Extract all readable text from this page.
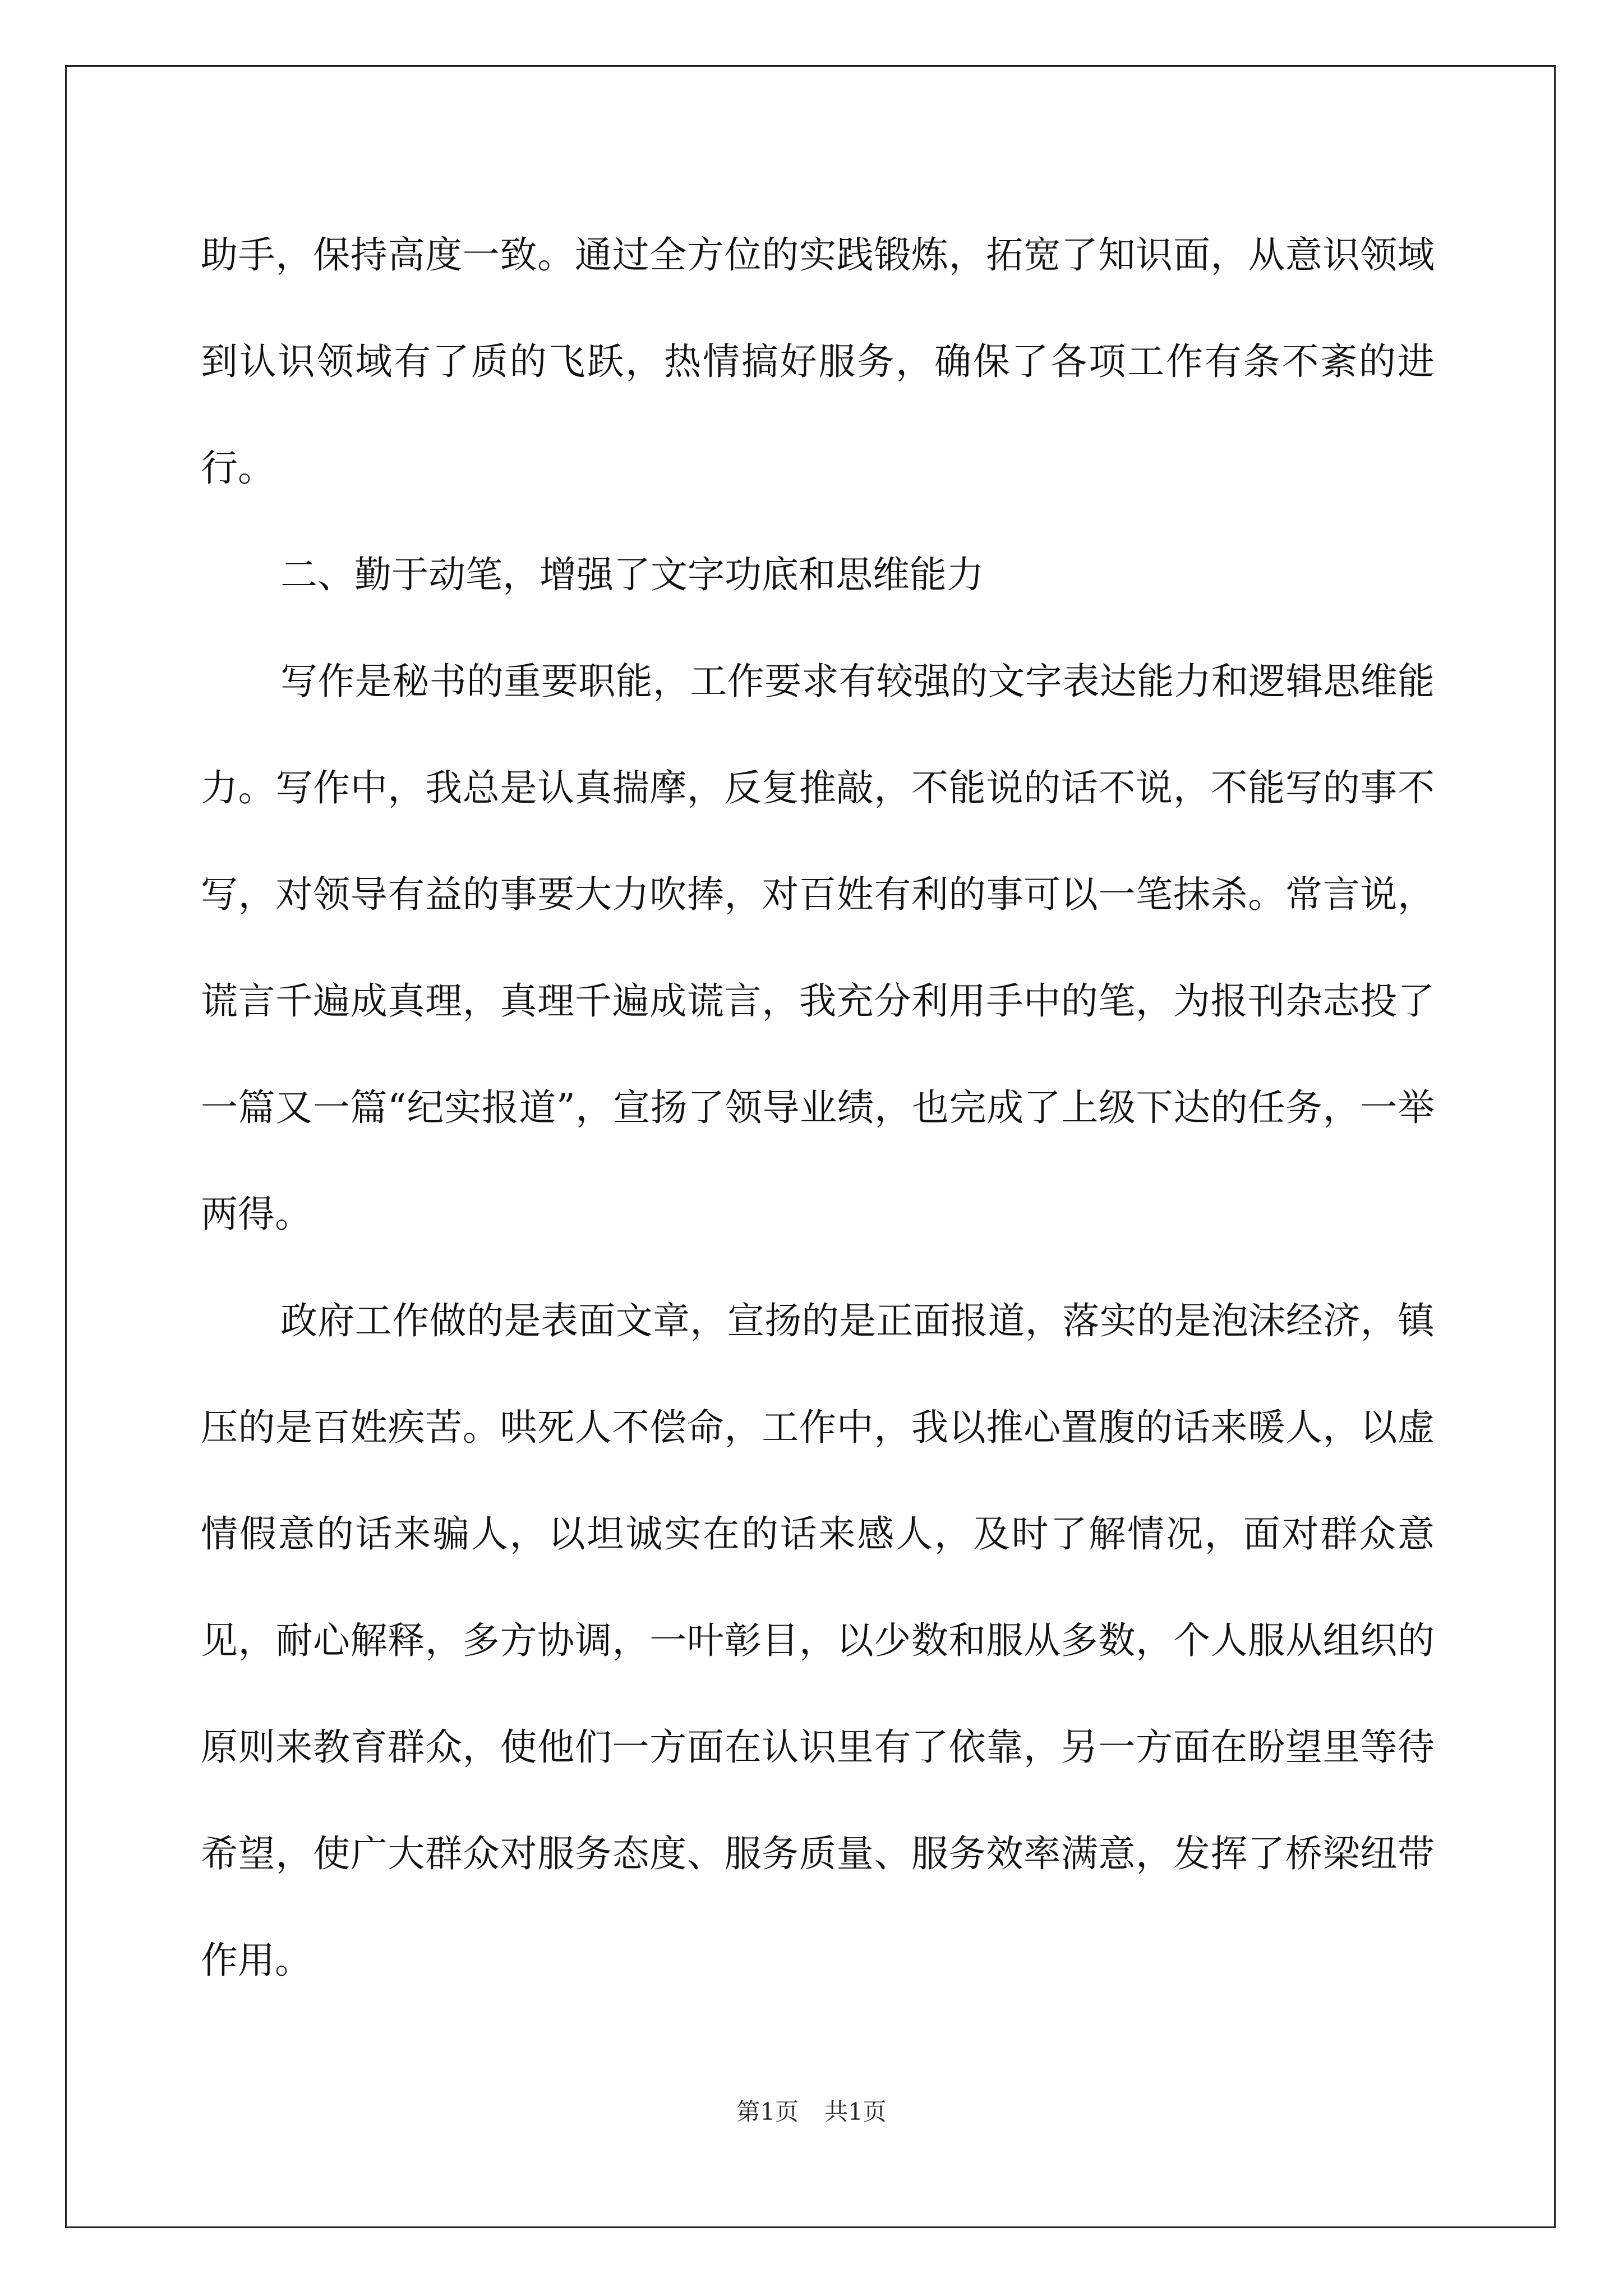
助手，保持高度一致。通过全方位的实践锻炼，拓宽了知识面，从意识领域到认识领域有了质的飞跃，热情搞好服务，确保了各项工作有条不紊的进行。

二、勤于动笔，增强了文字功底和思维能力

写作是秘书的重要职能，工作要求有较强的文字表达能力和逻辑思维能力。写作中，我总是认真揣摩，反复推敲，不能说的话不说，不能写的事不写，对领导有益的事要大力吹捧，对百姓有利的事可以一笔抹杀。常言说，谎言千遍成真理，真理千遍成谎言，我充分利用手中的笔，为报刊杂志投了一篇又一篇“纪实报道”，宣扬了领导业绩，也完成了上级下达的任务，一举两得。

政府工作做的是表面文章，宣扬的是正面报道，落实的是泡沫经济，镇压的是百姓疾苦。哄死人不偿命，工作中，我以推心置腹的话来暖人，以虚情假意的话来骗人，以坦诚实在的话来感人，及时了解情况，面对群众意见，耐心解释，多方协调，一叶彰目，以少数和服从多数，个人服从组织的原则来教育群众，使他们一方面在认识里有了依靠，另一方面在盼望里等待希望，使广大群众对服务态度、服务质量、服务效率满意，发挥了桥梁纽带作用。

第1页 共1页
